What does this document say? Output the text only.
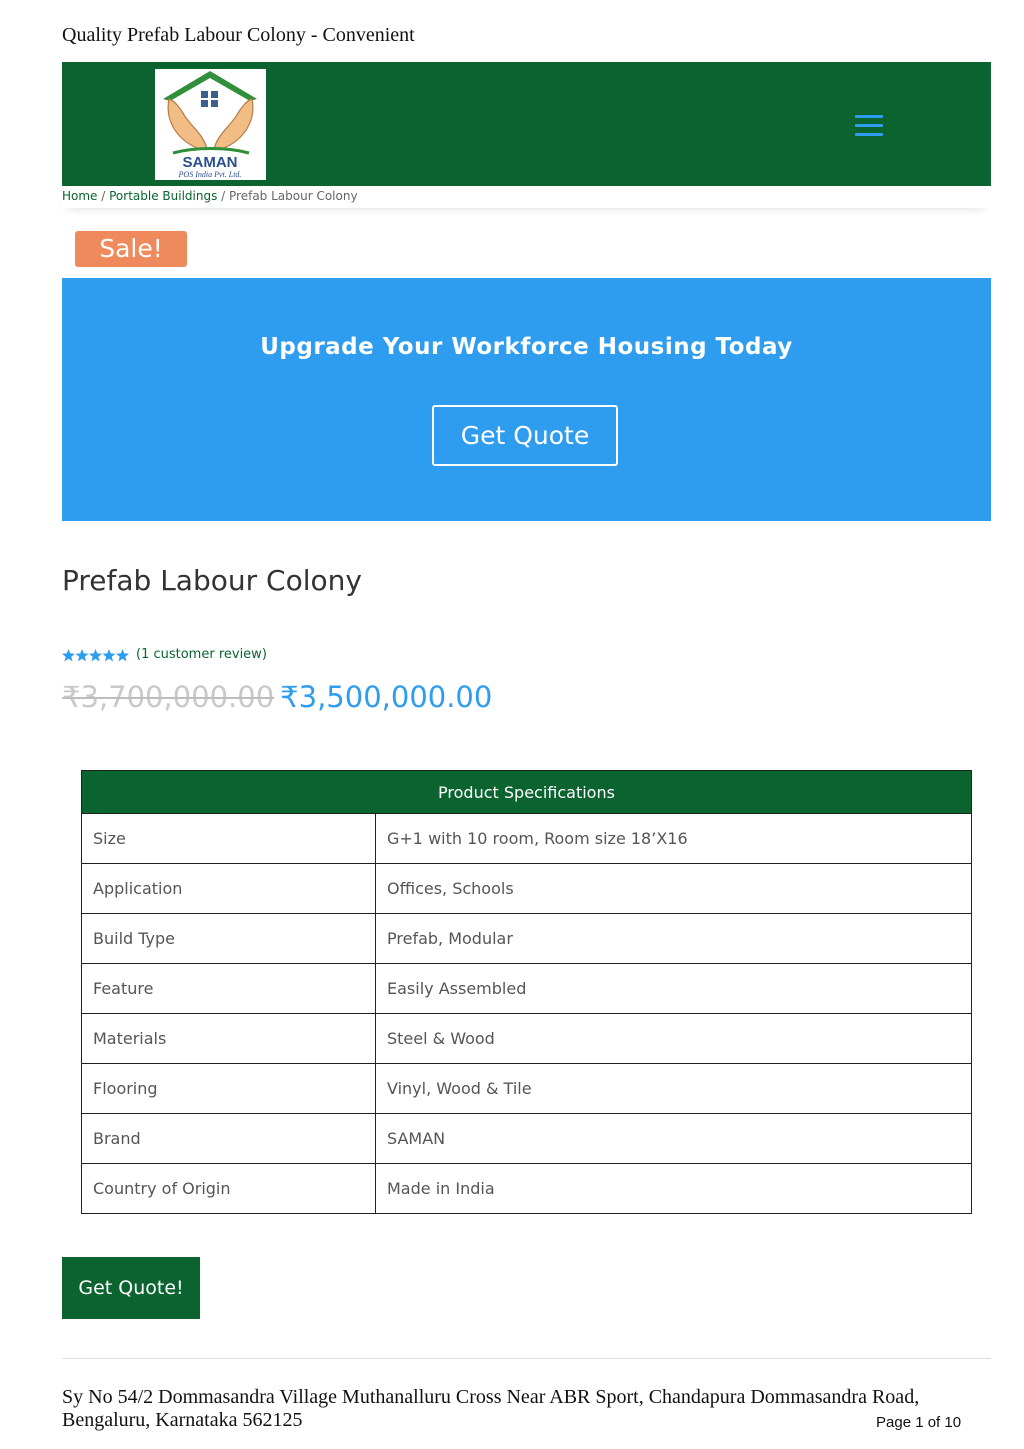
Quality Prefab Labour Colony - Convenient
SAMAN
POS India Pvt. Ltd.
Home / Portable Buildings / Prefab Labour Colony
Sale!
Upgrade Your Workforce Housing Today
Get Quote
Prefab Labour Colony
(1 customer review)
₹3,700,000.00 ₹3,500,000.00
Product Specifications	
Size	G+1 with 10 room, Room size 18’X16
Application	Offices, Schools
Build Type	Prefab, Modular
Feature	Easily Assembled
Materials	Steel & Wood
Flooring	Vinyl, Wood & Tile
Brand	SAMAN
Country of Origin	Made in India
Get Quote!
Sy No 54/2 Dommasandra Village Muthanalluru Cross Near ABR Sport, Chandapura Dommasandra Road,
Bengaluru, Karnataka 562125	Page 1 of 10
